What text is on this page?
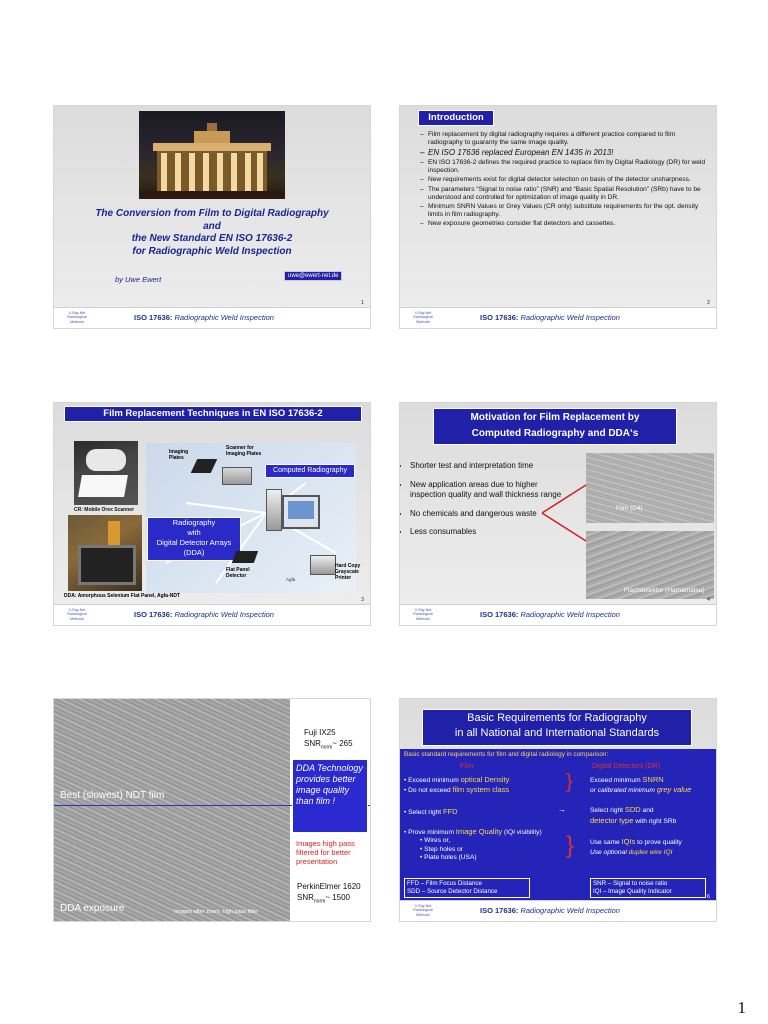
The Conversion from Film to Digital Radiography
and
the New Standard EN ISO 17636-2
for Radiographic Weld Inspection
by Uwe Ewert	uwe@ewert-net.de
1
X-Ray-Net Radiological Methods	ISO 17636: Radiographic Weld Inspection
Introduction
– Film replacement by digital radiography requires a different practice compared to film radiography to guaranty the same image quality.
– EN ISO 17636 replaced European EN 1435 in 2013!
– EN ISO 17636-2 defines the required practice to replace film by Digital Radiology (DR) for weld inspection.
– New requirements exist for digital detector selection on basis of the detector unsharpness.
– The parameters “Signal to noise ratio” (SNR) and “Basic Spatial Resolution” (SRb) have to be understood and controlled for optimization of image quality in DR.
– Minimum SNRN Values or Grey Values (CR only) substitute requirements for the opt. density limits in film radiography.
– New exposure geometries consider flat detectors and cassettes.
2
X-Ray-Net Radiological Methods	ISO 17636: Radiographic Weld Inspection
Film Replacement Techniques in EN ISO 17636-2
CR: Mobile Orex Scanner
Imaging Plates
Scanner for Imaging Plates
Computed Radiography
Radiography
with
Digital Detector Arrays
(DDA)
Flat Panel Detector
Agfa
Hard Copy Grayscale Printer
DDA: Amorphous Selenium Flat Panel, Agfa-NDT
3
X-Ray-Net Radiological Methods	ISO 17636: Radiographic Weld Inspection
Motivation for Film Replacement by
Computed Radiography and DDA‘s
• Shorter test and interpretation time
• New application areas due to higher inspection quality and wall thickness range
• No chemicals and dangerous waste
• Less consumables
Film (D4)
Flachdetektor (Hamamatsu)
4
X-Ray-Net Radiological Methods	ISO 17636: Radiographic Weld Inspection
Best (slowest) NDT film
DDA exposure	Images after zoom, high pass filter
Fuji IX25
$SNR_{norm}\sim$ 265
DDA Technology provides better image quality than film !
Images high pass filtered for better presentation
PerkinElmer 1620
$SNR_{norm}\sim$ 1500
Basic Requirements for Radiography
in all National and International Standards
Basic standard requirements for film and digital radiology in comparison:
Film	Digital Detectors (DR)
• Exceed minimum optical Density
• Do not exceed film system class	}	Exceed minimum SNRN
or calibrated minimum grey value
• Select right FFD	→	Select right SDD and
detector type with right SRb
• Prove minimum Image Quality (IQI visibility)
• Wires or,
• Step holes or
• Plate holes (USA)	} Use same IQIs to prove quality
Use optional duplex wire IQI
FFD – Film Focus Distance
SDD – Source Detector Distance
SNR – Signal to noise ratio
IQI – Image Quality Indicator
6
X-Ray-Net Radiological Methods	ISO 17636: Radiographic Weld Inspection
1
